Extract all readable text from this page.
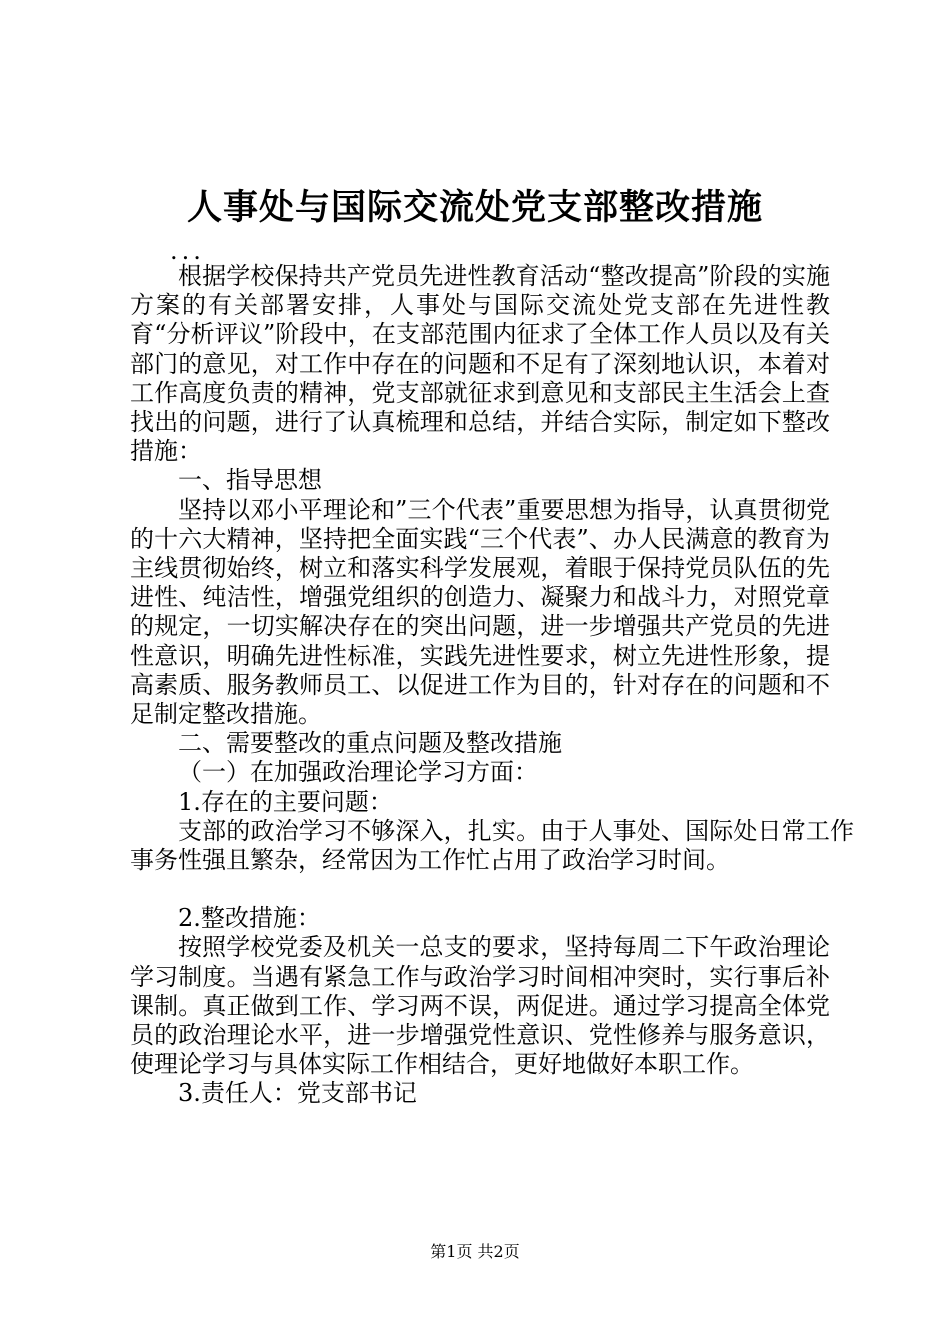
人事处与国际交流处党支部整改措施

...

根据学校保持共产党员先进性教育活动“整改提高”阶段的实施方案的有关部署安排，人事处与国际交流处党支部在先进性教育“分析评议”阶段中，在支部范围内征求了全体工作人员以及有关部门的意见，对工作中存在的问题和不足有了深刻地认识，本着对工作高度负责的精神，党支部就征求到意见和支部民主生活会上查找出的问题，进行了认真梳理和总结，并结合实际，制定如下整改措施：

一、指导思想

坚持以邓小平理论和”三个代表”重要思想为指导，认真贯彻党的十六大精神，坚持把全面实践“三个代表”、办人民满意的教育为主线贯彻始终，树立和落实科学发展观，着眼于保持党员队伍的先进性、纯洁性，增强党组织的创造力、凝聚力和战斗力，对照党章的规定，一切实解决存在的突出问题，进一步增强共产党员的先进性意识，明确先进性标准，实践先进性要求，树立先进性形象，提高素质、服务教师员工、以促进工作为目的，针对存在的问题和不足制定整改措施。

二、需要整改的重点问题及整改措施

（一）在加强政治理论学习方面：

1.存在的主要问题：

支部的政治学习不够深入，扎实。由于人事处、国际处日常工作事务性强且繁杂，经常因为工作忙占用了政治学习时间。

2.整改措施：

按照学校党委及机关一总支的要求，坚持每周二下午政治理论学习制度。当遇有紧急工作与政治学习时间相冲突时，实行事后补课制。真正做到工作、学习两不误，两促进。通过学习提高全体党员的政治理论水平，进一步增强党性意识、党性修养与服务意识，使理论学习与具体实际工作相结合，更好地做好本职工作。

3.责任人：党支部书记

第1页 共2页
